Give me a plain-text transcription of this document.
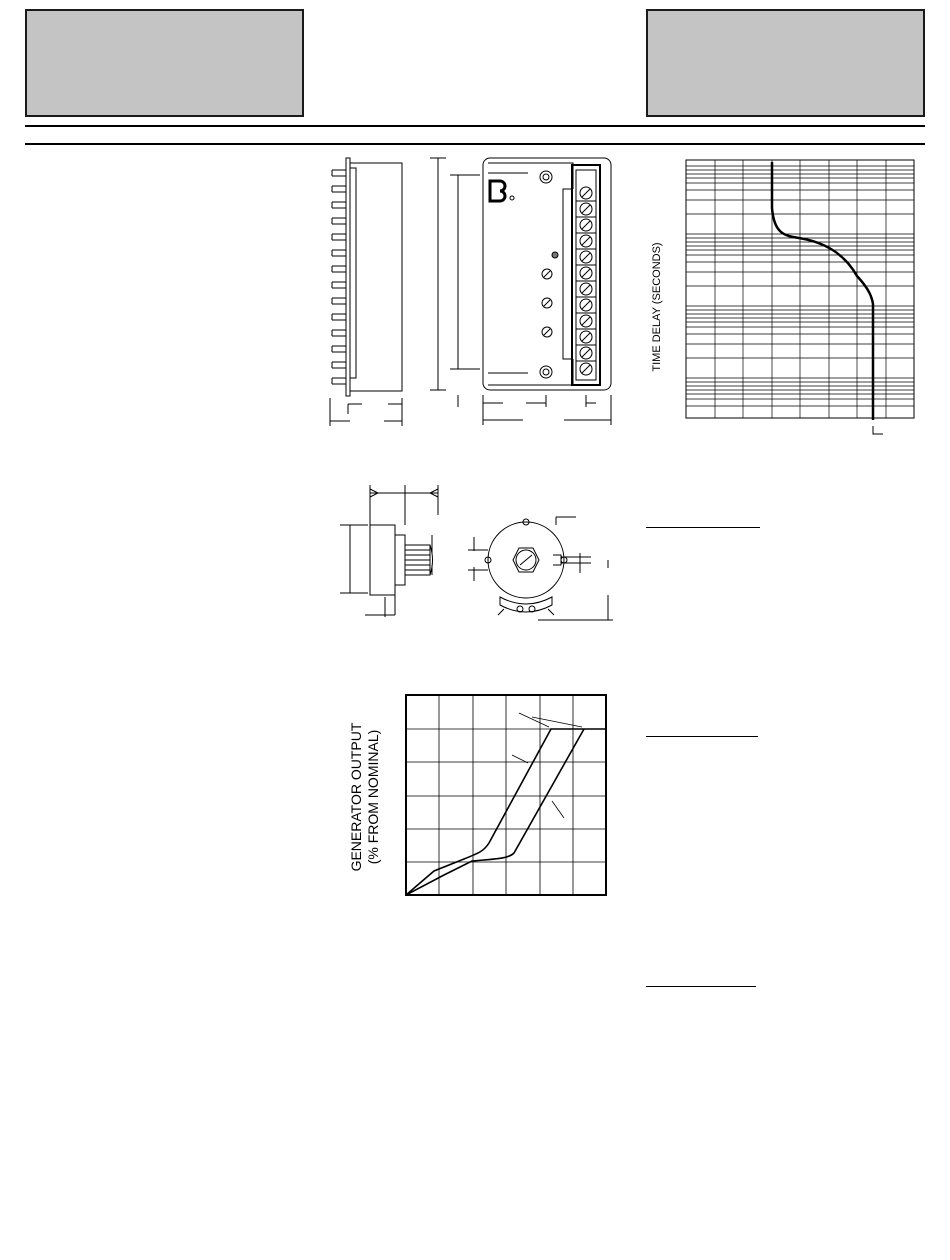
TIME DELAY (SECONDS)
GENERATOR OUTPUT (% FROM NOMINAL)
